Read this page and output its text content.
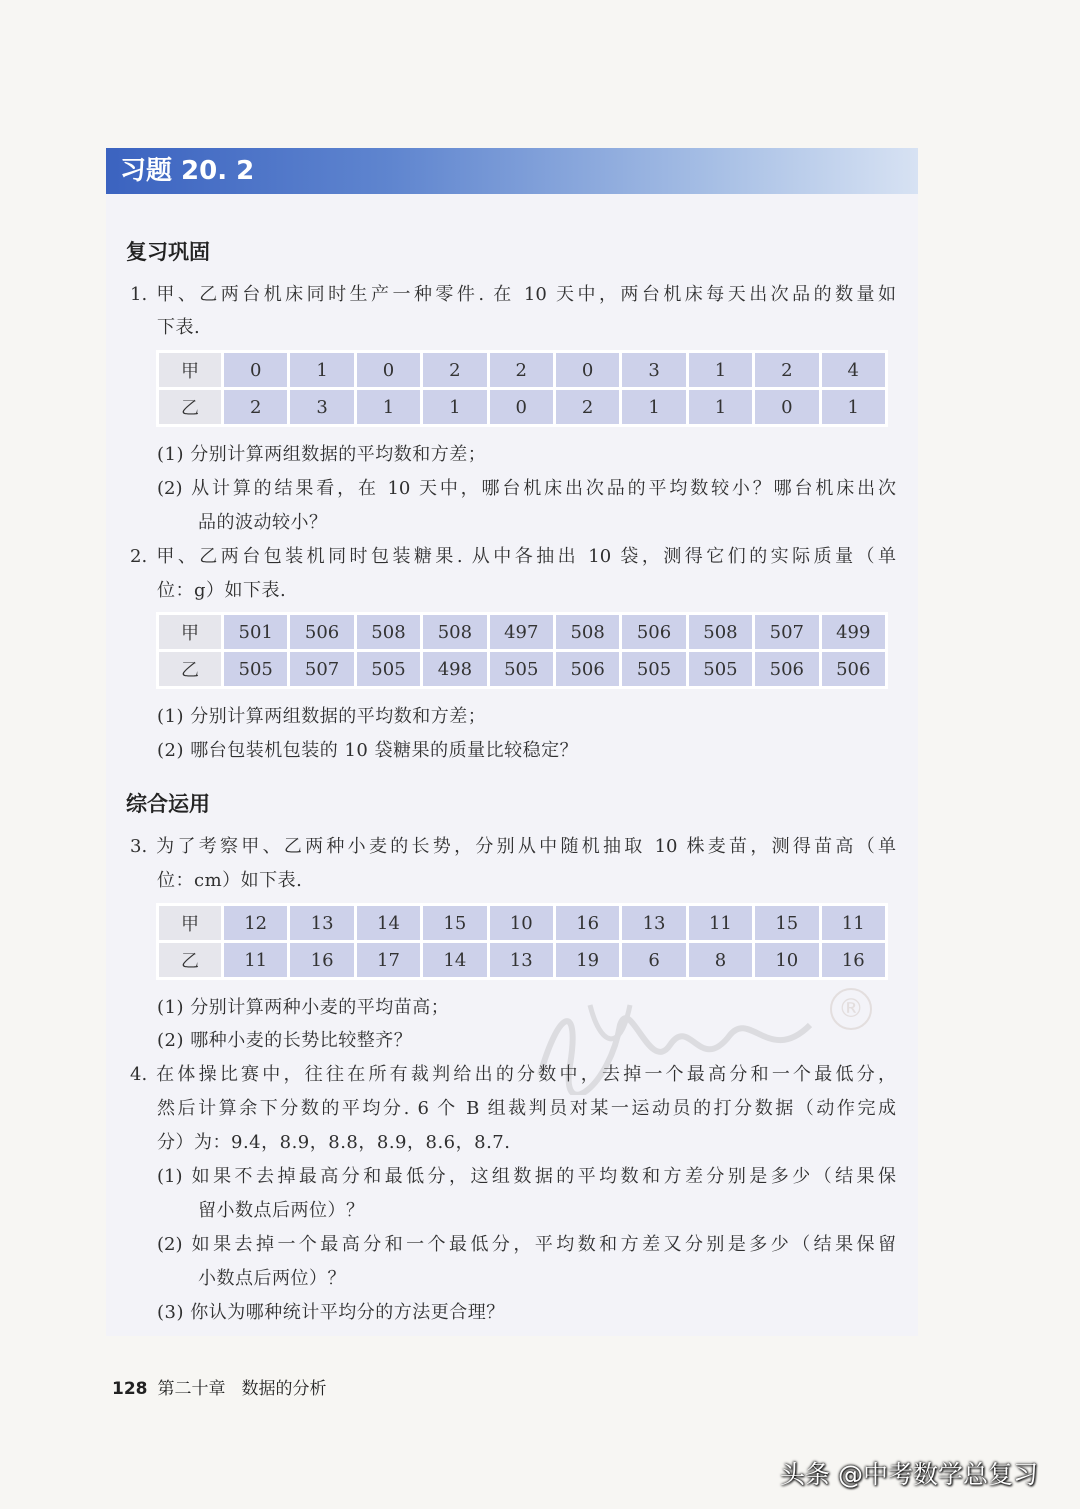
习题 20. 2
®
复习巩固
1. 甲、乙两台机床同时生产一种零件. 在 10 天中，两台机床每天出次品的数量如
下表.
甲	0	1	0	2	2	0	3	1	2	4
乙	2	3	1	1	0	2	1	1	0	1
(1) 分别计算两组数据的平均数和方差；
(2) 从计算的结果看，在 10 天中，哪台机床出次品的平均数较小？哪台机床出次
品的波动较小？
2. 甲、乙两台包装机同时包装糖果. 从中各抽出 10 袋，测得它们的实际质量（单
位：g）如下表.
甲	501	506	508	508	497	508	506	508	507	499
乙	505	507	505	498	505	506	505	505	506	506
(1) 分别计算两组数据的平均数和方差；
(2) 哪台包装机包装的 10 袋糖果的质量比较稳定？
综合运用
3. 为了考察甲、乙两种小麦的长势，分别从中随机抽取 10 株麦苗，测得苗高（单
位：cm）如下表.
甲	12	13	14	15	10	16	13	11	15	11
乙	11	16	17	14	13	19	6	8	10	16
(1) 分别计算两种小麦的平均苗高；
(2) 哪种小麦的长势比较整齐？
4. 在体操比赛中，往往在所有裁判给出的分数中，去掉一个最高分和一个最低分，
然后计算余下分数的平均分. 6 个 B 组裁判员对某一运动员的打分数据（动作完成
分）为：9.4，8.9，8.8，8.9，8.6，8.7.
(1) 如果不去掉最高分和最低分，这组数据的平均数和方差分别是多少（结果保
留小数点后两位）？
(2) 如果去掉一个最高分和一个最低分，平均数和方差又分别是多少（结果保留
小数点后两位）？
(3) 你认为哪种统计平均分的方法更合理？
128 第二十章 数据的分析
头条 @中考数学总复习
